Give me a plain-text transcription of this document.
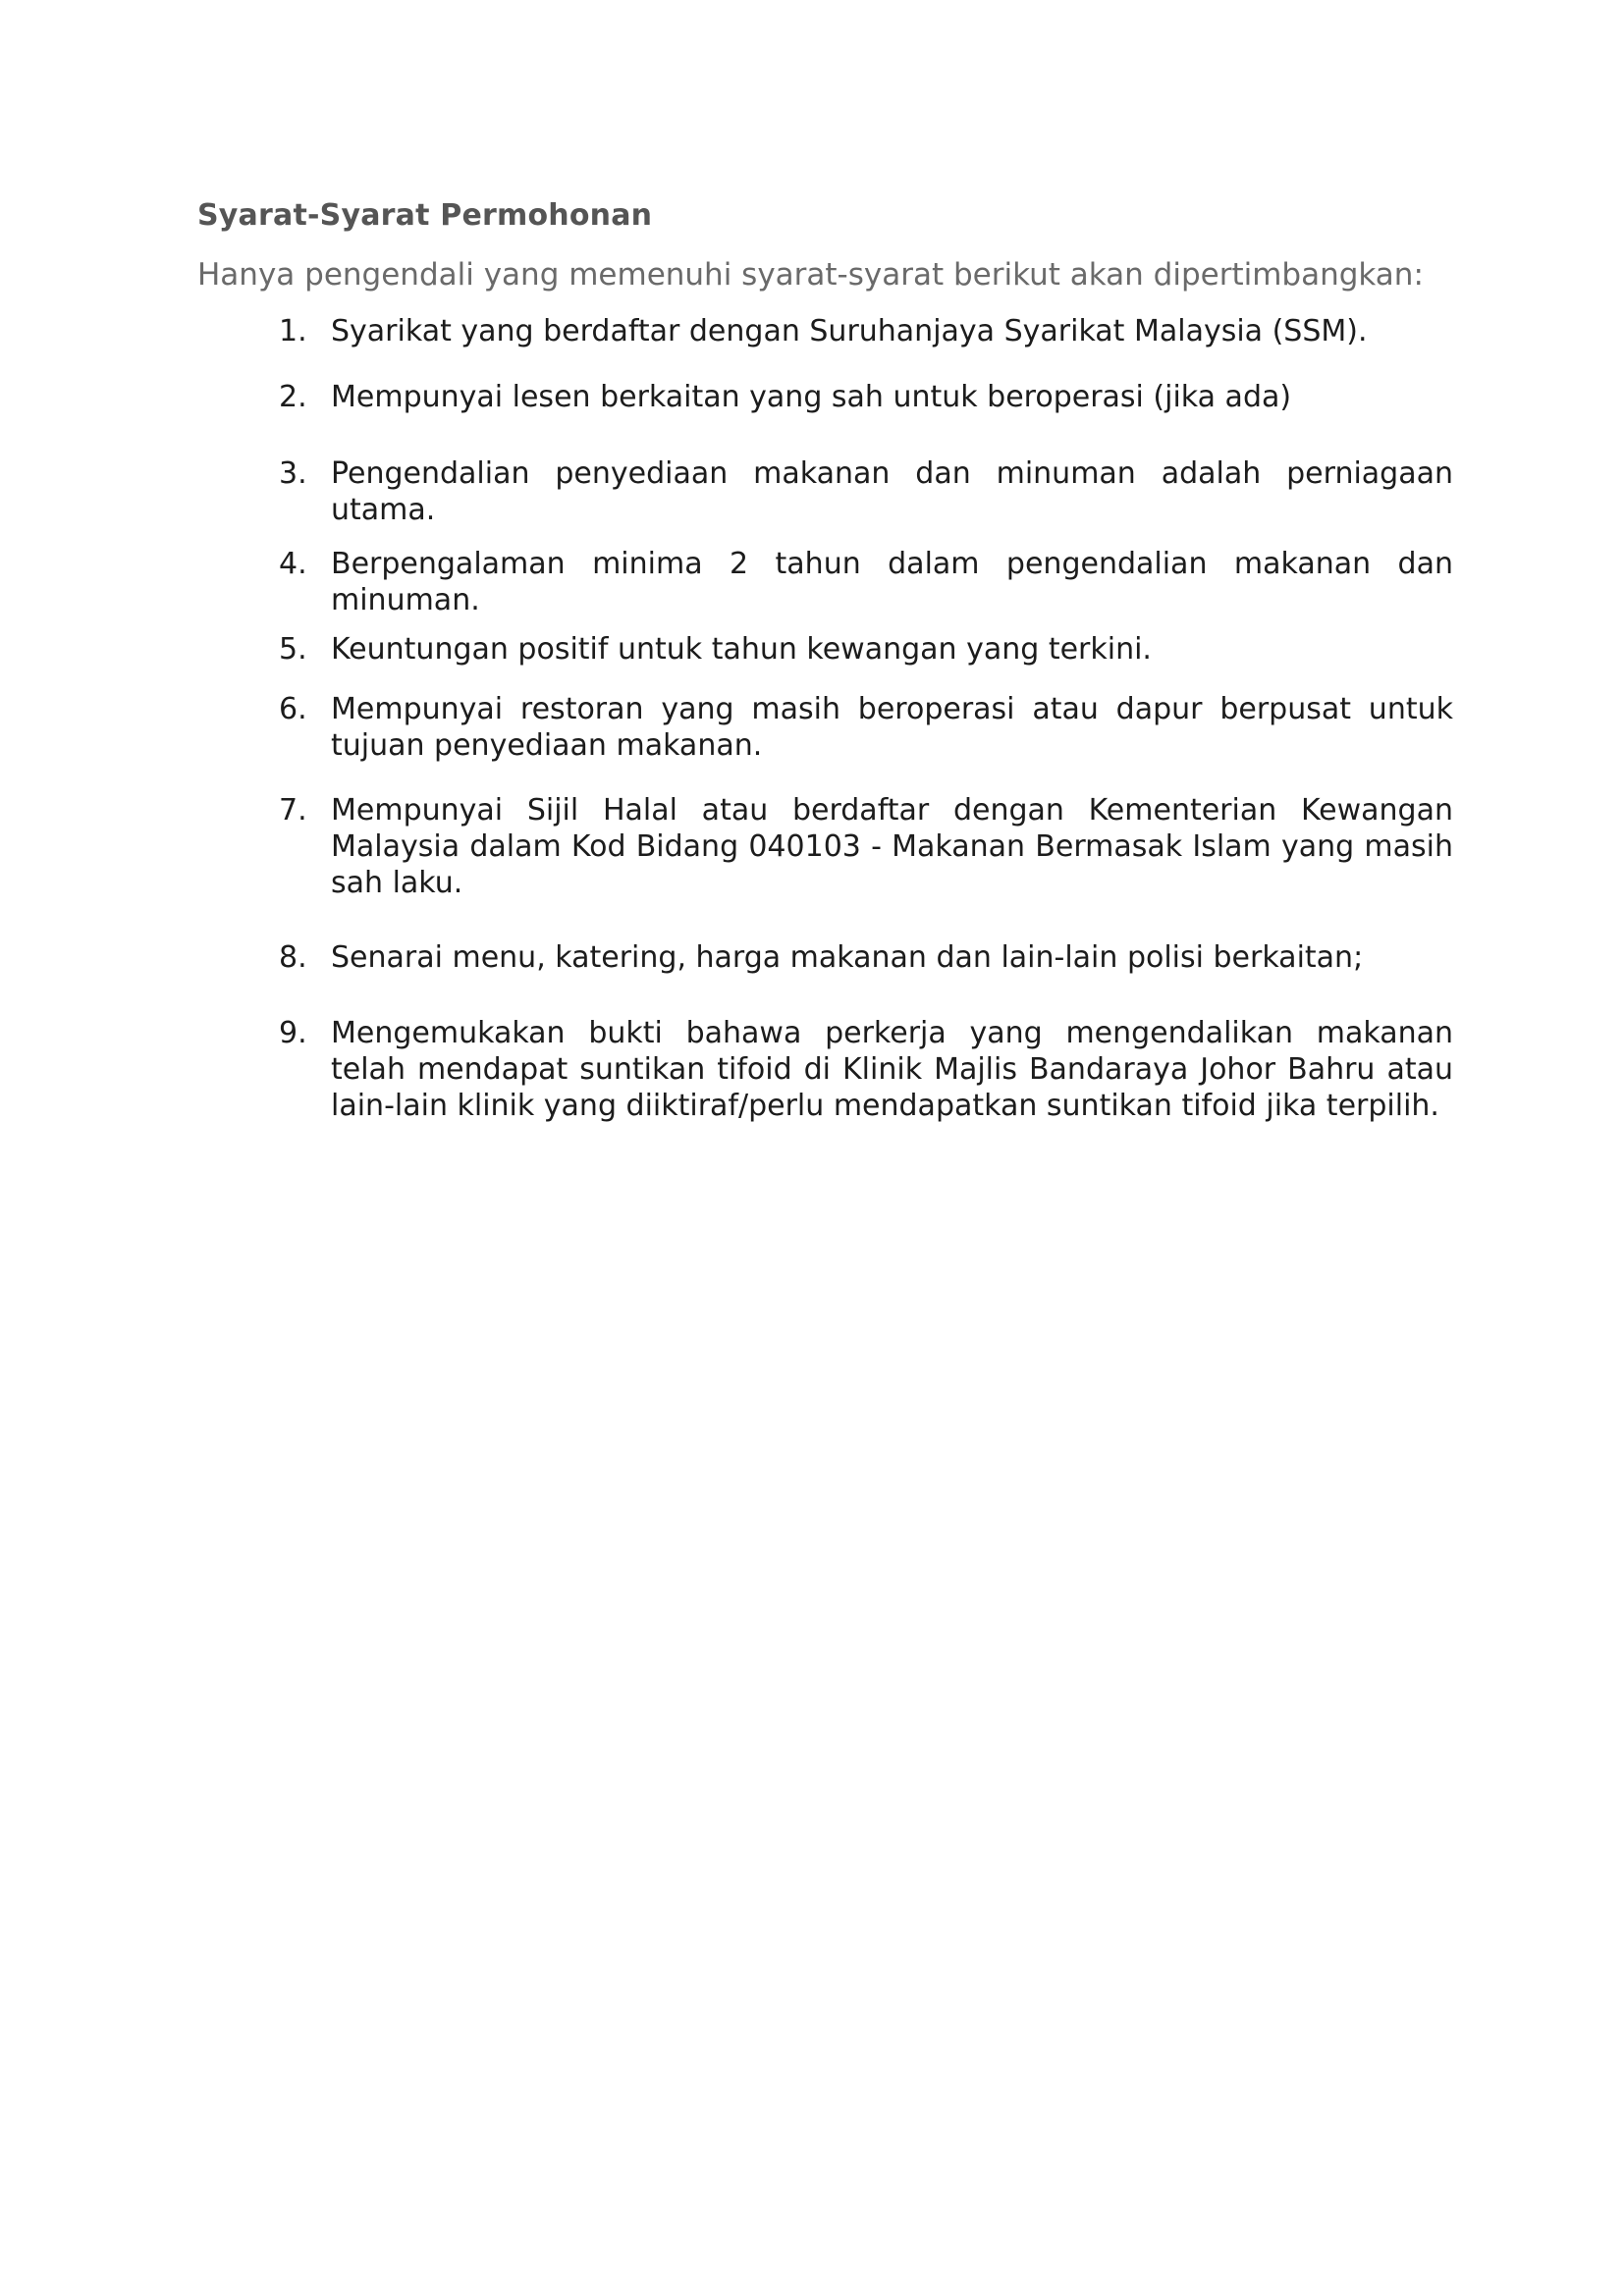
Syarat-Syarat Permohonan

Hanya pengendali yang memenuhi syarat-syarat berikut akan dipertimbangkan:

1. Syarikat yang berdaftar dengan Suruhanjaya Syarikat Malaysia (SSM).

2. Mempunyai lesen berkaitan yang sah untuk beroperasi (jika ada)

3. Pengendalian penyediaan makanan dan minuman adalah perniagaan utama.

4. Berpengalaman minima 2 tahun dalam pengendalian makanan dan minuman.

5. Keuntungan positif untuk tahun kewangan yang terkini.

6. Mempunyai restoran yang masih beroperasi atau dapur berpusat untuk tujuan penyediaan makanan.

7. Mempunyai Sijil Halal atau berdaftar dengan Kementerian Kewangan Malaysia dalam Kod Bidang 040103 - Makanan Bermasak Islam yang masih sah laku.

8. Senarai menu, katering, harga makanan dan lain-lain polisi berkaitan;

9. Mengemukakan bukti bahawa perkerja yang mengendalikan makanan telah mendapat suntikan tifoid di Klinik Majlis Bandaraya Johor Bahru atau lain-lain klinik yang diiktiraf/perlu mendapatkan suntikan tifoid jika terpilih.
